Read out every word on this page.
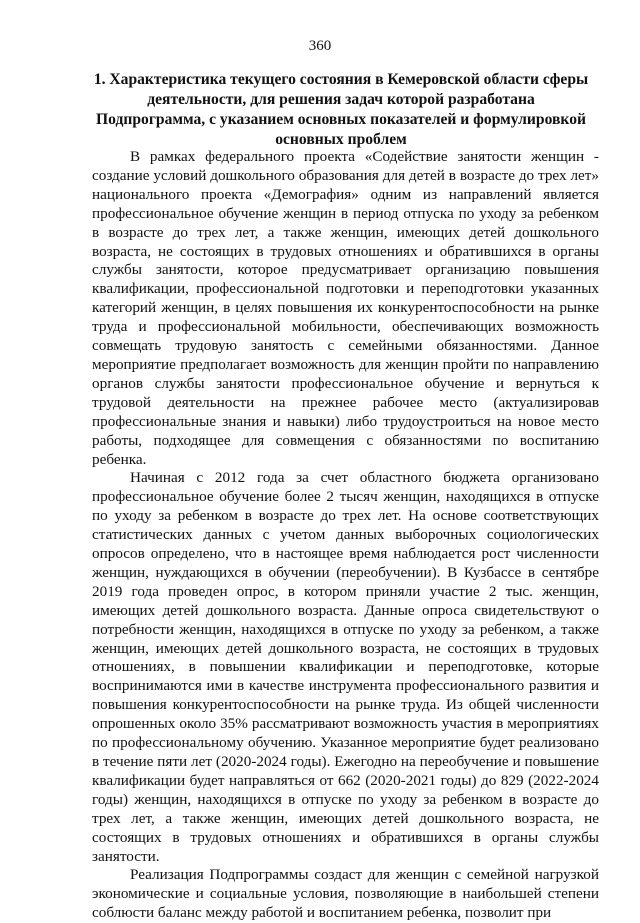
360
1. Характеристика текущего состояния в Кемеровской области сферы деятельности, для решения задач которой разработана Подпрограмма, с указанием основных показателей и формулировкой основных проблем

В рамках федерального проекта «Содействие занятости женщин - создание условий дошкольного образования для детей в возрасте до трех лет» национального проекта «Демография» одним из направлений является профессиональное обучение женщин в период отпуска по уходу за ребенком в возрасте до трех лет, а также женщин, имеющих детей дошкольного возраста, не состоящих в трудовых отношениях и обратившихся в органы службы занятости, которое предусматривает организацию повышения квалификации, профессиональной подготовки и переподготовки указанных категорий женщин, в целях повышения их конкурентоспособности на рынке труда и профессиональной мобильности, обеспечивающих возможность совмещать трудовую занятость с семейными обязанностями. Данное мероприятие предполагает возможность для женщин пройти по направлению органов службы занятости профессиональное обучение и вернуться к трудовой деятельности на прежнее рабочее место (актуализировав профессиональные знания и навыки) либо трудоустроиться на новое место работы, подходящее для совмещения с обязанностями по воспитанию ребенка.

Начиная с 2012 года за счет областного бюджета организовано профессиональное обучение более 2 тысяч женщин, находящихся в отпуске по уходу за ребенком в возрасте до трех лет. На основе соответствующих статистических данных с учетом данных выборочных социологических опросов определено, что в настоящее время наблюдается рост численности женщин, нуждающихся в обучении (переобучении). В Кузбассе в сентябре 2019 года проведен опрос, в котором приняли участие 2 тыс. женщин, имеющих детей дошкольного возраста. Данные опроса свидетельствуют о потребности женщин, находящихся в отпуске по уходу за ребенком, а также женщин, имеющих детей дошкольного возраста, не состоящих в трудовых отношениях, в повышении квалификации и переподготовке, которые воспринимаются ими в качестве инструмента профессионального развития и повышения конкурентоспособности на рынке труда. Из общей численности опрошенных около 35% рассматривают возможность участия в мероприятиях по профессиональному обучению. Указанное мероприятие будет реализовано в течение пяти лет (2020-2024 годы). Ежегодно на переобучение и повышение квалификации будет направляться от 662 (2020-2021 годы) до 829 (2022-2024 годы) женщин, находящихся в отпуске по уходу за ребенком в возрасте до трех лет, а также женщин, имеющих детей дошкольного возраста, не состоящих в трудовых отношениях и обратившихся в органы службы занятости.

Реализация Подпрограммы создаст для женщин с семейной нагрузкой экономические и социальные условия, позволяющие в наибольшей степени соблюсти баланс между работой и воспитанием ребенка, позволит при
